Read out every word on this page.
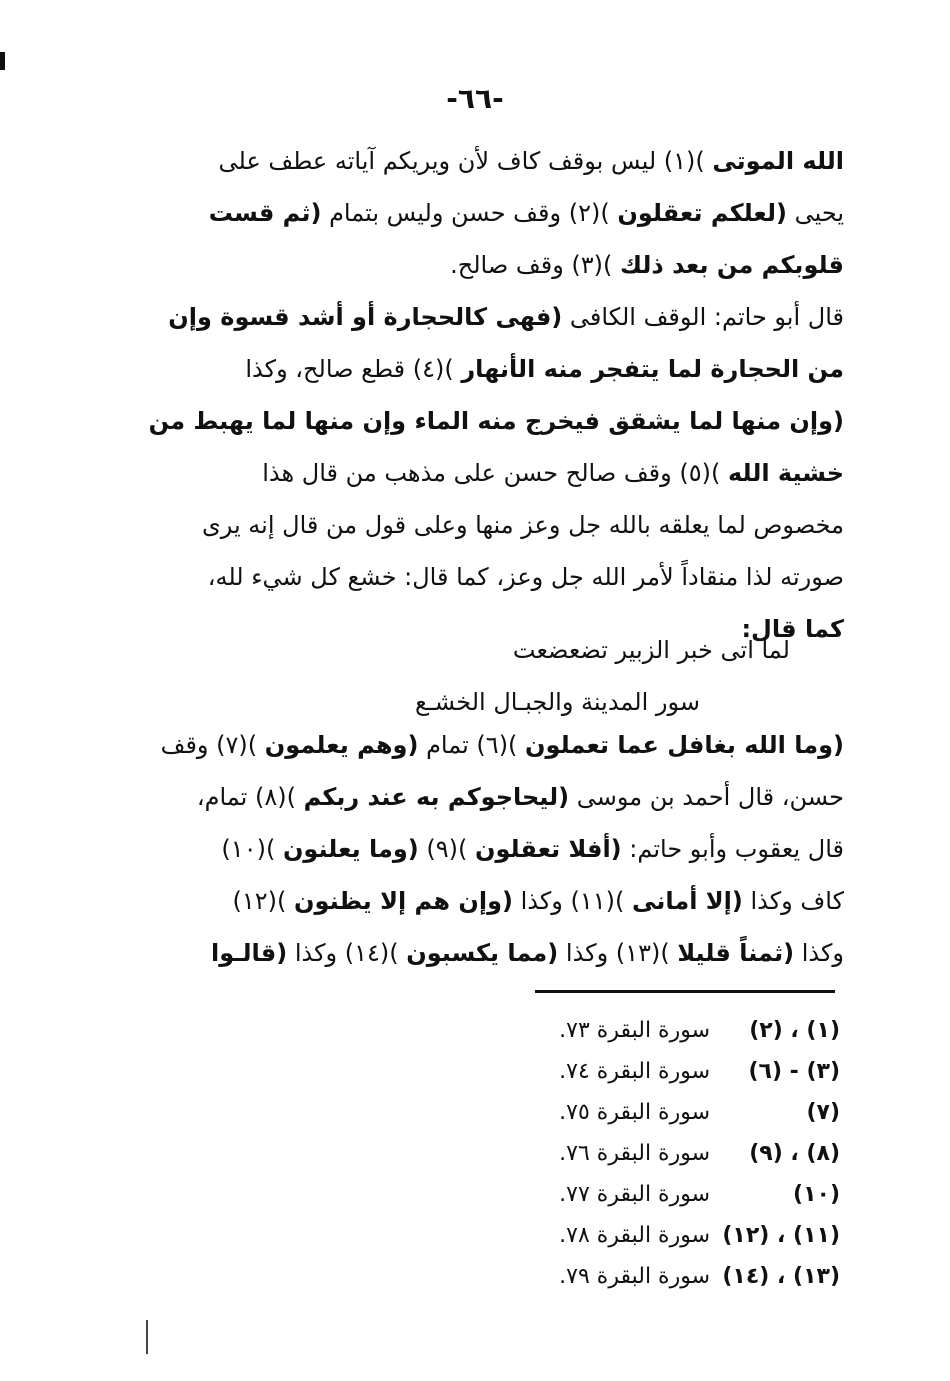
-٦٦-
الله الموتى )(١) ليس بوقف كاف لأن ويريكم آياته عطف على
يحيى (لعلكم تعقلون )(٢) وقف حسن وليس بتمام (ثم قست
قلوبكم من بعد ذلك )(٣) وقف صالح.
قال أبو حاتم: الوقف الكافى (فهى كالحجارة أو أشد قسوة وإن
من الحجارة لما يتفجر منه الأنهار )(٤) قطع صالح، وكذا
(وإن منها لما يشقق فيخرج منه الماء وإن منها لما يهبط من
خشية الله )(٥) وقف صالح حسن على مذهب من قال هذا
مخصوص لما يعلقه بالله جل وعز منها وعلى قول من قال إنه يرى
صورته لذا منقاداً لأمر الله جل وعز، كما قال: خشع كل شيء لله،
كما قال:
لما اتى خبر الزبير تضعضعت
سور المدينة والجبـال الخشـع
(وما الله بغافل عما تعملون )(٦) تمام (وهم يعلمون )(٧) وقف
حسن، قال أحمد بن موسى (ليحاجوكم به عند ربكم )(٨) تمام،
قال يعقوب وأبو حاتم: (أفلا تعقلون )(٩) (وما يعلنون )(١٠)
كاف وكذا (إلا أمانى )(١١) وكذا (وإن هم إلا يظنون )(١٢)
وكذا (ثمناً قليلا )(١٣) وكذا (مما يكسبون )(١٤) وكذا (قالـوا
(١) ، (٢)
سورة البقرة ٧٣.
(٣) - (٦)
سورة البقرة ٧٤.
(٧)
سورة البقرة ٧٥.
(٨) ، (٩)
سورة البقرة ٧٦.
(١٠)
سورة البقرة ٧٧.
(١١) ، (١٢)
سورة البقرة ٧٨.
(١٣) ، (١٤)
سورة البقرة ٧٩.
